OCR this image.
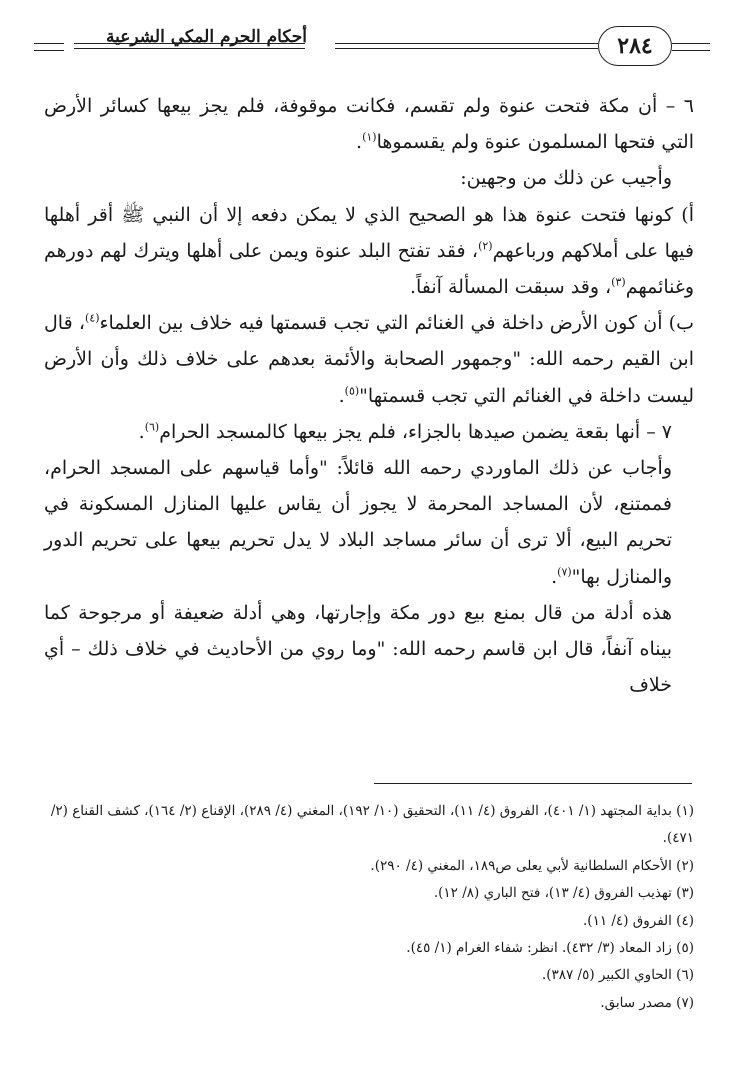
أحكام الحرم المكي الشرعية	٢٨٤

٦ – أن مكة فتحت عنوة ولم تقسم، فكانت موقوفة، فلم يجز بيعها كسائر الأرض التي فتحها المسلمون عنوة ولم يقسموها$^{(١)}$.

وأجيب عن ذلك من وجهين:

أ) كونها فتحت عنوة هذا هو الصحيح الذي لا يمكن دفعه إلا أن النبي ﷺ أقر أهلها فيها على أملاكهم ورباعهم$^{(٢)}$، فقد تفتح البلد عنوة ويمن على أهلها ويترك لهم دورهم وغنائمهم$^{(٣)}$، وقد سبقت المسألة آنفاً.

ب) أن كون الأرض داخلة في الغنائم التي تجب قسمتها فيه خلاف بين العلماء$^{(٤)}$، قال ابن القيم رحمه الله: "وجمهور الصحابة والأئمة بعدهم على خلاف ذلك وأن الأرض ليست داخلة في الغنائم التي تجب قسمتها"$^{(٥)}$.

٧ – أنها بقعة يضمن صيدها بالجزاء، فلم يجز بيعها كالمسجد الحرام$^{(٦)}$.

وأجاب عن ذلك الماوردي رحمه الله قائلاً: "وأما قياسهم على المسجد الحرام، فممتنع، لأن المساجد المحرمة لا يجوز أن يقاس عليها المنازل المسكونة في تحريم البيع، ألا ترى أن سائر مساجد البلاد لا يدل تحريم بيعها على تحريم الدور والمنازل بها"$^{(٧)}$.

هذه أدلة من قال بمنع بيع دور مكة وإجارتها، وهي أدلة ضعيفة أو مرجوحة كما بيناه آنفاً، قال ابن قاسم رحمه الله: "وما روي من الأحاديث في خلاف ذلك – أي خلاف

(١) بداية المجتهد (١/ ٤٠١)، الفروق (٤/ ١١)، التحقيق (١٠/ ١٩٢)، المغني (٤/ ٢٨٩)، الإقناع (٢/ ١٦٤)، كشف القناع (٢/ ٤٧١).

(٢) الأحكام السلطانية لأبي يعلى ص١٨٩، المغني (٤/ ٢٩٠).

(٣) تهذيب الفروق (٤/ ١٣)، فتح الباري (٨/ ١٢).

(٤) الفروق (٤/ ١١).

(٥) زاد المعاد (٣/ ٤٣٢). انظر: شفاء الغرام (١/ ٤٥).

(٦) الحاوي الكبير (٥/ ٣٨٧).

(٧) مصدر سابق.
